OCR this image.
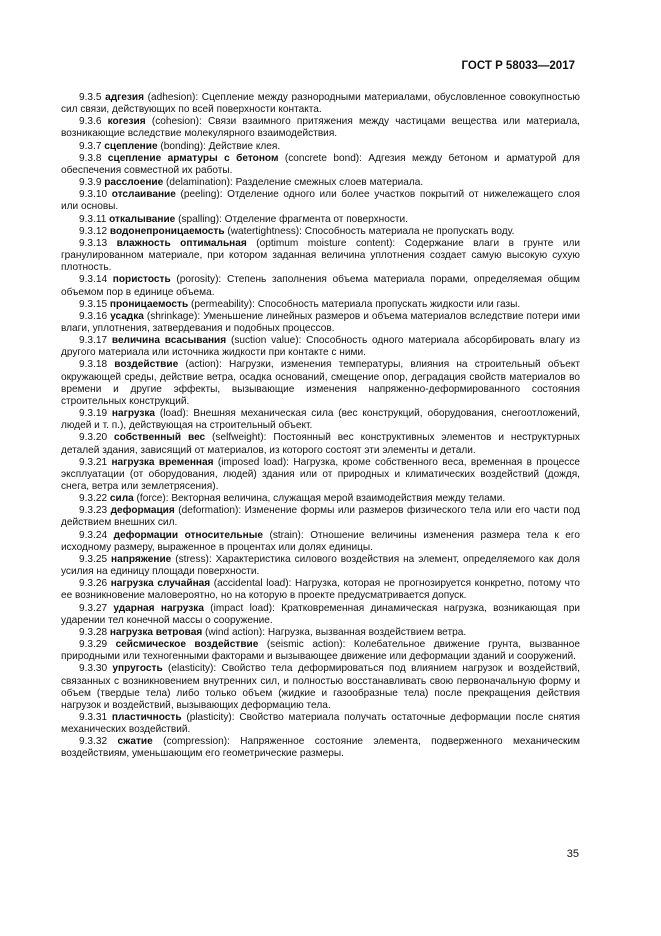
ГОСТ Р 58033—2017

9.3.5 адгезия (adhesion): Сцепление между разнородными материалами, обусловленное совокупностью сил связи, действующих по всей поверхности контакта.

9.3.6 когезия (cohesion): Связи взаимного притяжения между частицами вещества или материала, возникающие вследствие молекулярного взаимодействия.

9.3.7 сцепление (bonding): Действие клея.

9.3.8 сцепление арматуры с бетоном (concrete bond): Адгезия между бетоном и арматурой для обеспечения совместной их работы.

9.3.9 расслоение (delamination): Разделение смежных слоев материала.

9.3.10 отслаивание (peeling): Отделение одного или более участков покрытий от нижележащего слоя или основы.

9.3.11 откалывание (spalling): Отделение фрагмента от поверхности.

9.3.12 водонепроницаемость (watertightness): Способность материала не пропускать воду.

9.3.13 влажность оптимальная (optimum moisture content): Содержание влаги в грунте или гранулированном материале, при котором заданная величина уплотнения создает самую высокую сухую плотность.

9.3.14 пористость (porosity): Степень заполнения объема материала порами, определяемая общим объемом пор в единице объема.

9.3.15 проницаемость (permeability): Способность материала пропускать жидкости или газы.

9.3.16 усадка (shrinkage): Уменьшение линейных размеров и объема материалов вследствие потери ими влаги, уплотнения, затвердевания и подобных процессов.

9.3.17 величина всасывания (suction value): Способность одного материала абсорбировать влагу из другого материала или источника жидкости при контакте с ними.

9.3.18 воздействие (action): Нагрузки, изменения температуры, влияния на строительный объект окружающей среды, действие ветра, осадка оснований, смещение опор, деградация свойств материалов во времени и другие эффекты, вызывающие изменения напряженно-деформированного состояния строительных конструкций.

9.3.19 нагрузка (load): Внешняя механическая сила (вес конструкций, оборудования, снегоотложений, людей и т. п.), действующая на строительный объект.

9.3.20 собственный вес (selfweight): Постоянный вес конструктивных элементов и неструктурных деталей здания, зависящий от материалов, из которого состоят эти элементы и детали.

9.3.21 нагрузка временная (imposed load): Нагрузка, кроме собственного веса, временная в процессе эксплуатации (от оборудования, людей) здания или от природных и климатических воздействий (дождя, снега, ветра или землетрясения).

9.3.22 сила (force): Векторная величина, служащая мерой взаимодействия между телами.

9.3.23 деформация (deformation): Изменение формы или размеров физического тела или его части под действием внешних сил.

9.3.24 деформации относительные (strain): Отношение величины изменения размера тела к его исходному размеру, выраженное в процентах или долях единицы.

9.3.25 напряжение (stress): Характеристика силового воздействия на элемент, определяемого как доля усилия на единицу площади поверхности.

9.3.26 нагрузка случайная (accidental load): Нагрузка, которая не прогнозируется конкретно, потому что ее возникновение маловероятно, но на которую в проекте предусматривается допуск.

9.3.27 ударная нагрузка (impact load): Кратковременная динамическая нагрузка, возникающая при ударении тел конечной массы о сооружение.

9.3.28 нагрузка ветровая (wind action): Нагрузка, вызванная воздействием ветра.

9.3.29 сейсмическое воздействие (seismic action): Колебательное движение грунта, вызванное природными или техногенными факторами и вызывающее движение или деформации зданий и сооружений.

9.3.30 упругость (elasticity): Свойство тела деформироваться под влиянием нагрузок и воздействий, связанных с возникновением внутренних сил, и полностью восстанавливать свою первоначальную форму и объем (твердые тела) либо только объем (жидкие и газообразные тела) после прекращения действия нагрузок и воздействий, вызывающих деформацию тела.

9.3.31 пластичность (plasticity): Свойство материала получать остаточные деформации после снятия механических воздействий.

9.3.32 сжатие (compression): Напряженное состояние элемента, подверженного механическим воздействиям, уменьшающим его геометрические размеры.

35
